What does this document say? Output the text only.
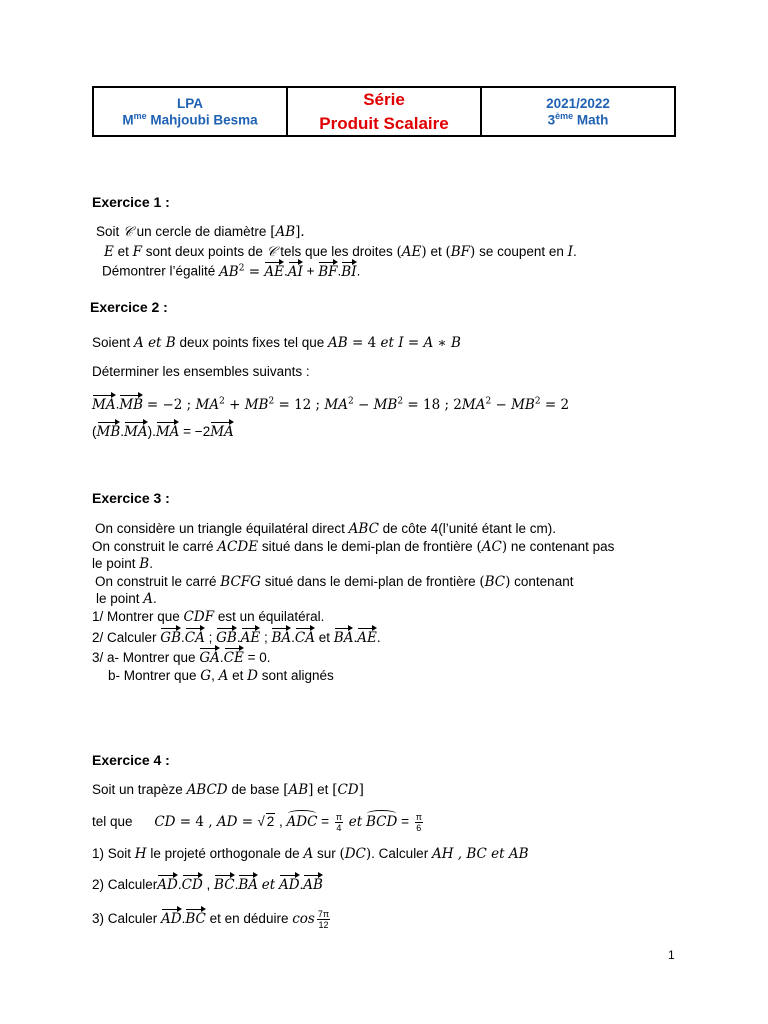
LPA
$M^{me}$ Mahjoubi Besma
Série
Produit Scalaire
2021/2022
3ème Math
Exercice 1 :
Soit 𝒞 un cercle de diamètre [AB].
E et F sont deux points de 𝒞 tels que les droites (AE) et (BF) se coupent en I.
Démontrer l’égalité $AB^2 = AE.AI + BF.BI$.
Exercice 2 :
Soient A et B deux points fixes tel que AB = 4 et I = A ∗ B
Déterminer les ensembles suivants :
MA.MB = −2 ; $MA^2 + MB^2 = 12$ ; $MA^2 - MB^2 = 18$ ; $2MA^2 - MB^2 = 2$
(MB.MA).MA = −2MA
Exercice 3 :
On considère un triangle équilatéral direct ABC de côte 4(l’unité étant le cm).
On construit le carré ACDE situé dans le demi-plan de frontière (AC) ne contenant pas
le point B.
On construit le carré BCFG situé dans le demi-plan de frontière (BC) contenant
le point A.
1/ Montrer que CDF est un équilatéral.
2/ Calculer GB.CA ; GB.AE ; BA.CA et BA.AE.
3/ a- Montrer que GA.CE = 0.
b- Montrer que G, A et D sont alignés
Exercice 4 :
Soit un trapèze ABCD de base [AB] et [CD]
tel que CD = 4 , AD = √ 2 , ADC = $\frac{\pi}{4}$ et BCD = $\frac{\pi}{6}$
1) Soit H le projeté orthogonale de A sur (DC). Calculer AH , BC et AB
2) CalculerAD.CD , BC.BA et AD.AB
3) Calculer AD.BC et en déduire $\cos \frac{7\pi}{12}$
1
